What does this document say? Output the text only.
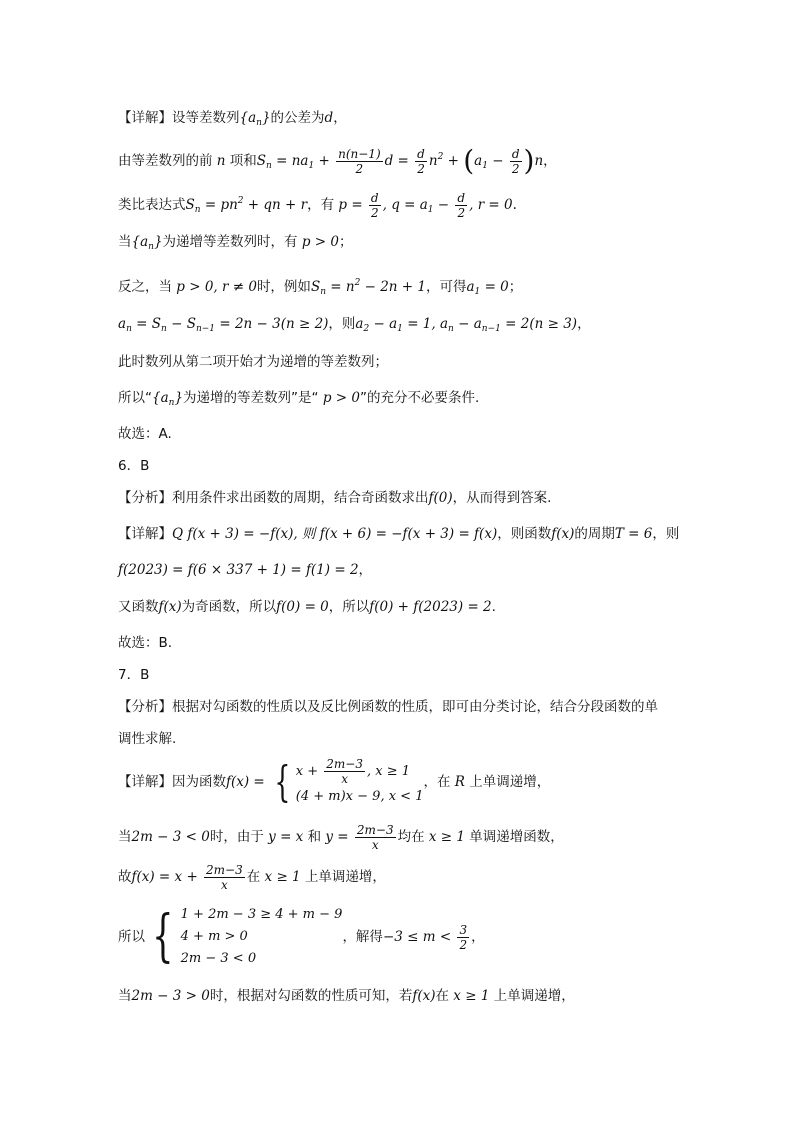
【详解】设等差数列$\{a_n\}$的公差为d，
由等差数列的前 n 项和$S_n = na_1 + \frac{n(n-1)}{2}$ $d = \frac{d}{2} n^2 + (a_1 - \frac{d}{2} )n$，
类比表达式$S_n = pn^2$ + qn + r，有 $p = \frac{d}{2}$ , $q = a_1 - \frac{d}{2}$ , r = 0.
当$\{a_n\}$为递增等差数列时，有 p > 0；
反之，当 p > 0, r ≠ 0时，例如$S_n = n^2 - 2n + 1$，可得$a_1 = 0$；
$a_n = S_n - S_{n-1} = 2n - 3(n \ge 2)$，则$a_2 - a_1 = 1$, $a_n - a_{n-1} = 2(n \ge 3)$，
此时数列从第二项开始才为递增的等差数列；
所以“$\{a_n\}$为递增的等差数列”是“ p > 0”的充分不必要条件.
故选：A.
6．B
【分析】利用条件求出函数的周期，结合奇函数求出f(0)，从而得到答案.
【详解】Q f(x + 3) = −f(x), 则 f(x + 6) = −f(x + 3) = f(x)，则函数f(x)的周期T = 6，则
f(2023) = f(6 × 337 + 1) = f(1) = 2，
又函数f(x)为奇函数，所以f(0) = 0，所以f(0) + f(2023) = 2.
故选：B.
7．B
【分析】根据对勾函数的性质以及反比例函数的性质，即可由分类讨论，结合分段函数的单
调性求解.
【详解】因为函数f(x) = { $x + \frac{2m-3}{x}$ , x ≥ 1
(4 + m)x − 9, x < 1
，在 R 上单调递增，
当2m − 3 < 0时，由于 y = x 和 $y = \frac{2m-3}{x}$ 均在 x ≥ 1 单调递增函数，
故$f(x) = x + \frac{2m-3}{x}$ 在 x ≥ 1 上单调递增，
所以 { 1 + 2m − 3 ≥ 4 + m − 9
4 + m > 0
2m − 3 < 0
，解得$-3 \le m < \frac{3}{2}$ ，
当2m − 3 > 0时，根据对勾函数的性质可知，若f(x)在 x ≥ 1 上单调递增，
